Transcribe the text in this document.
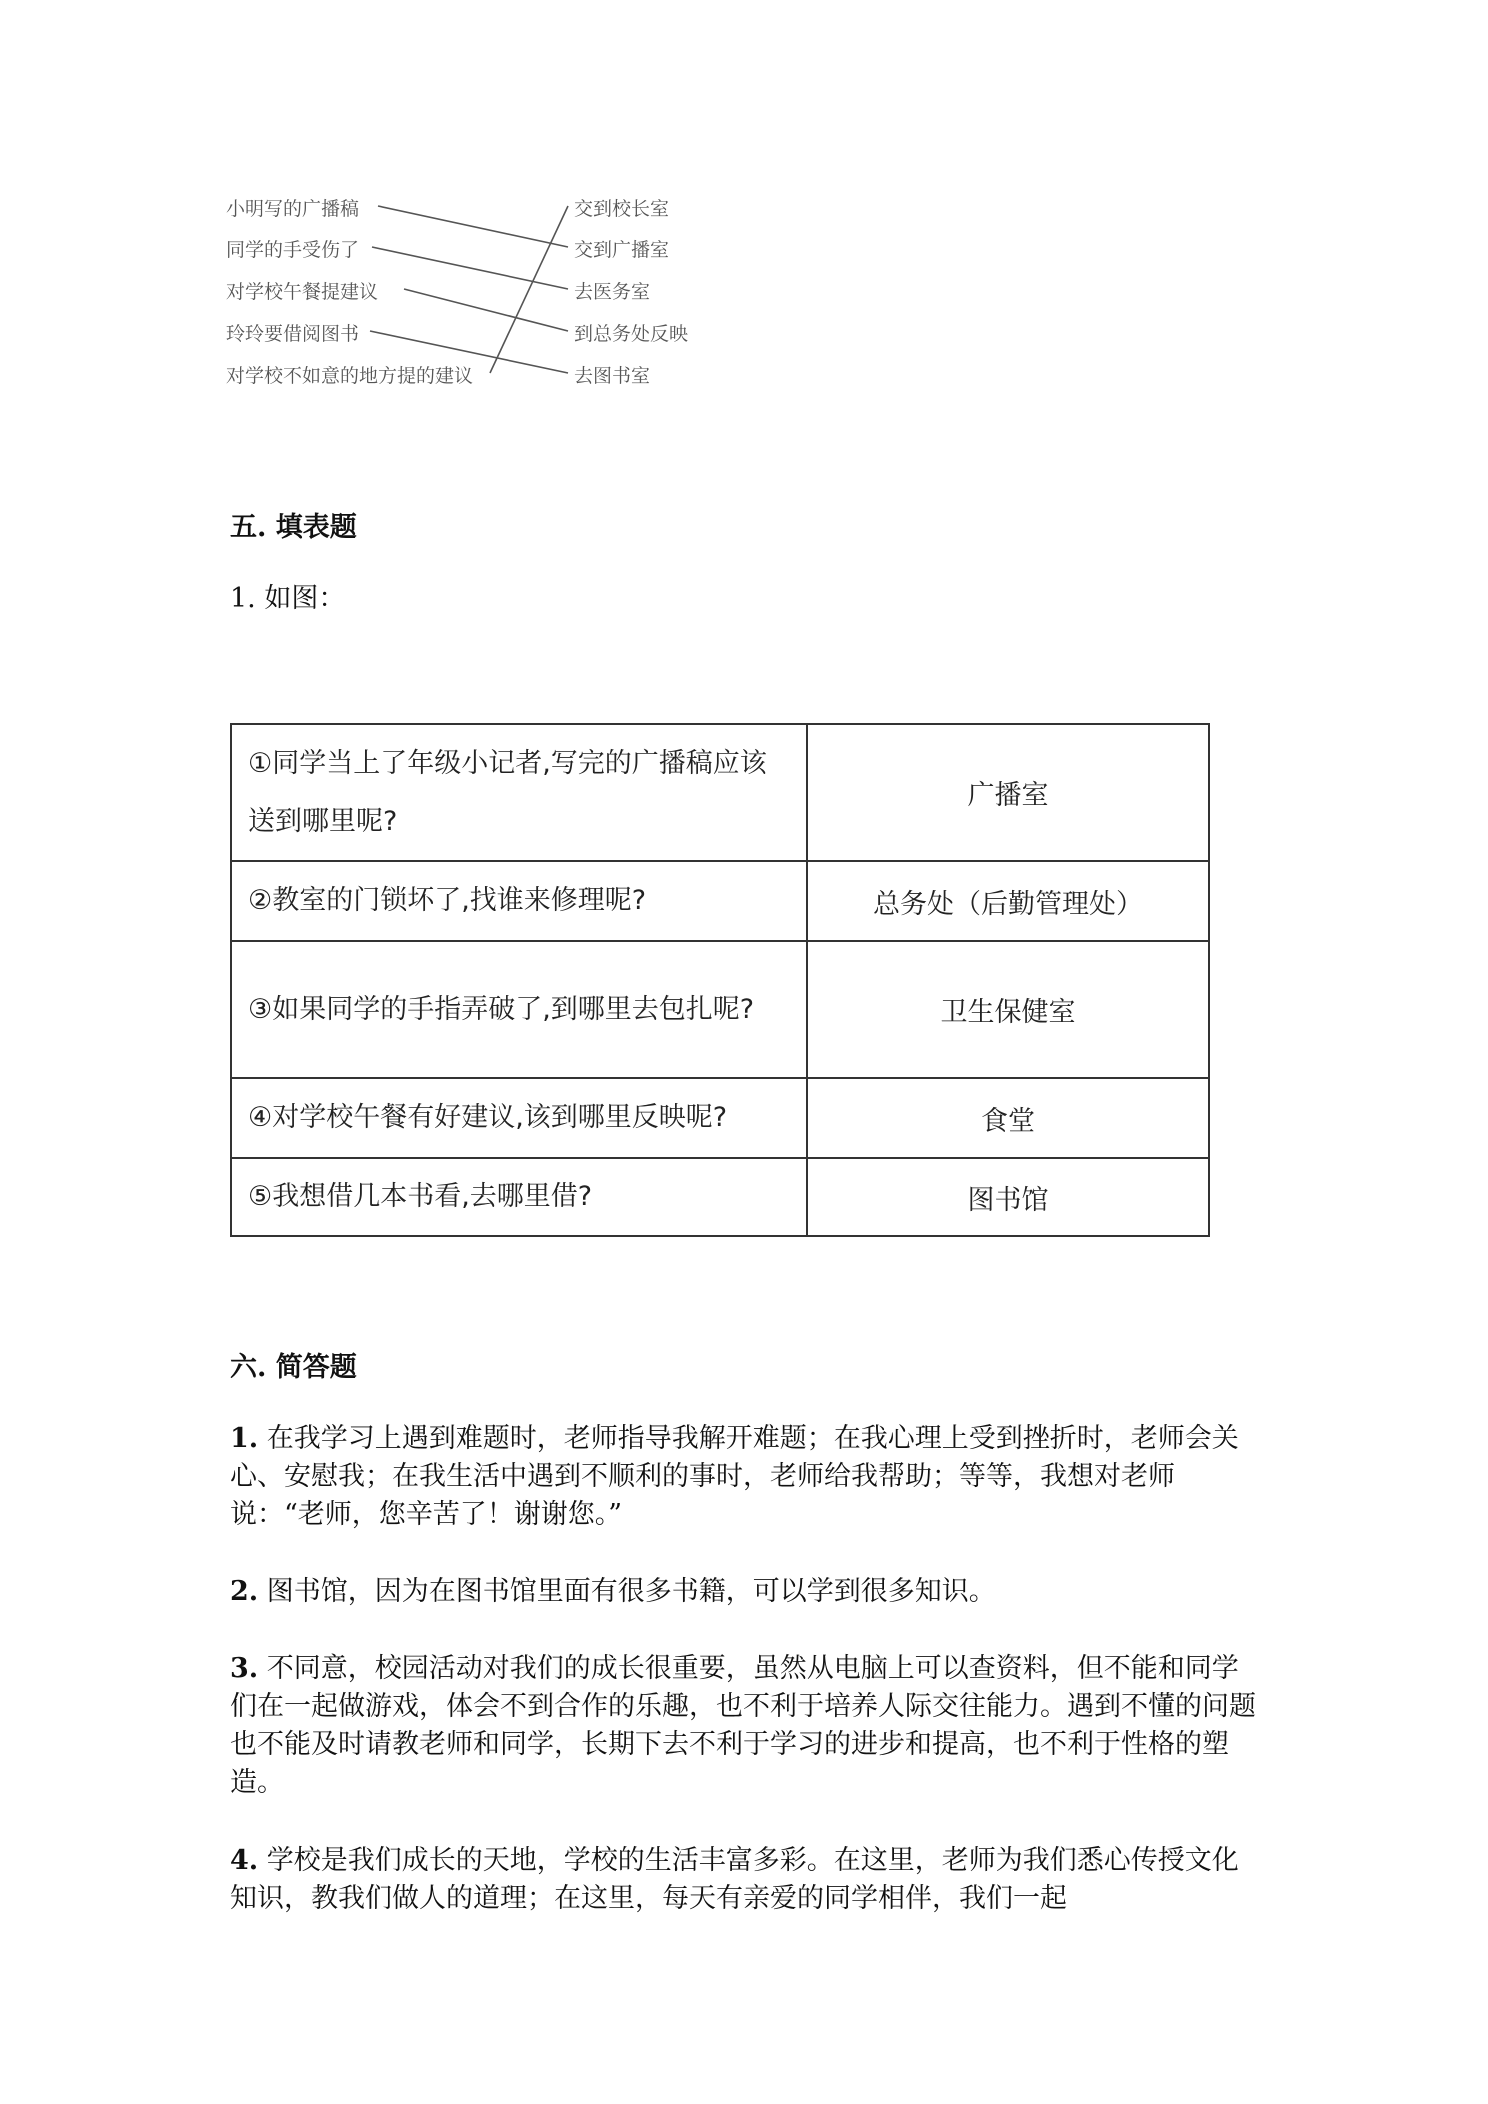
小明写的广播稿
同学的手受伤了
对学校午餐提建议
玲玲要借阅图书
对学校不如意的地方提的建议
交到校长室
交到广播室
去医务室
到总务处反映
去图书室
五. 填表题
1. 如图：
①同学当上了年级小记者,写完的广播稿应该送到哪里呢?	广播室
②教室的门锁坏了,找谁来修理呢?	总务处（后勤管理处）
③如果同学的手指弄破了,到哪里去包扎呢?	卫生保健室
④对学校午餐有好建议,该到哪里反映呢?	食堂
⑤我想借几本书看,去哪里借?	图书馆
六. 简答题
1. 在我学习上遇到难题时，老师指导我解开难题；在我心理上受到挫折时，老师会关心、安慰我；在我生活中遇到不顺利的事时，老师给我帮助；等等，我想对老师说：“老师，您辛苦了！谢谢您。”
2. 图书馆，因为在图书馆里面有很多书籍，可以学到很多知识。
3. 不同意，校园活动对我们的成长很重要，虽然从电脑上可以查资料，但不能和同学们在一起做游戏，体会不到合作的乐趣，也不利于培养人际交往能力。遇到不懂的问题也不能及时请教老师和同学，长期下去不利于学习的进步和提高，也不利于性格的塑造。
4. 学校是我们成长的天地，学校的生活丰富多彩。在这里，老师为我们悉心传授文化知识，教我们做人的道理；在这里，每天有亲爱的同学相伴，我们一起
